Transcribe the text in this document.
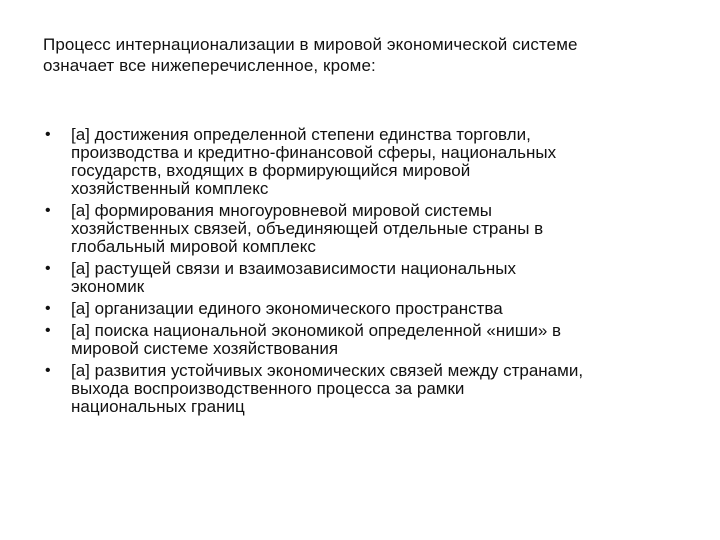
Процесс интернационализации в мировой экономической системе
означает все нижеперечисленное, кроме:
• [a] достижения определенной степени единства торговли,
производства и кредитно-финансовой сферы, национальных
государств, входящих в формирующийся мировой
хозяйственный комплекс
• [a] формирования многоуровневой мировой системы
хозяйственных связей, объединяющей отдельные страны в
глобальный мировой комплекс
• [a] растущей связи и взаимозависимости национальных
экономик
• [a] организации единого экономического пространства
• [a] поиска национальной экономикой определенной «ниши» в
мировой системе хозяйствования
• [a] развития устойчивых экономических связей между странами,
выхода воспроизводственного процесса за рамки
национальных границ
